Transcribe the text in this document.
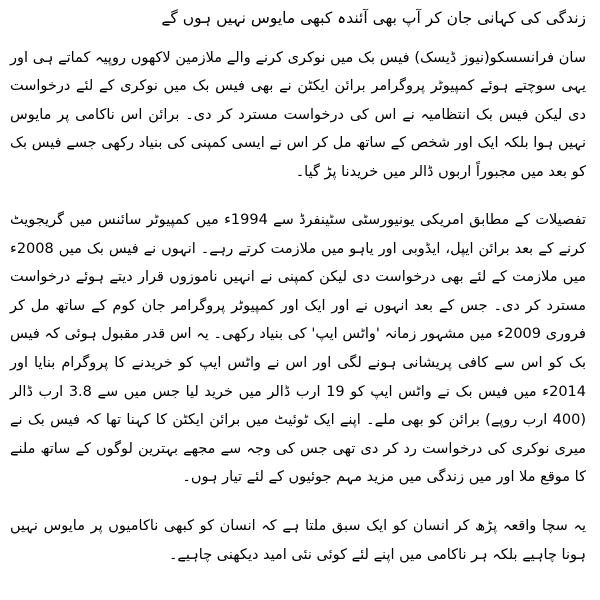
زندگی کی کہانی جان کر آپ بھی آئندہ کبھی مایوس نہیں ہوں گے

سان فرانسسکو(نیوز ڈیسک) فیس بک میں نوکری کرنے والے ملازمین لاکھوں روپیہ کماتے ہی اور یہی سوچتے ہوئے کمپیوٹر پروگرامر برائن ایکٹن نے بھی فیس بک میں نوکری کے لئے درخواست دی لیکن فیس بک انتظامیہ نے اس کی درخواست مسترد کر دی۔ برائن اس ناکامی پر مایوس نہیں ہوا بلکہ ایک اور شخص کے ساتھ مل کر اس نے ایسی کمپنی کی بنیاد رکھی جسے فیس بک کو بعد میں مجبوراً اربوں ڈالر میں خریدنا پڑ گیا۔

تفصیلات کے مطابق امریکی یونیورسٹی سٹینفرڈ سے 1994ء میں کمپیوٹر سائنس میں گریجویٹ کرنے کے بعد برائن ایپل، ایڈوبی اور یاہو میں ملازمت کرتے رہے۔ انہوں نے فیس بک میں 2008ء میں ملازمت کے لئے بھی درخواست دی لیکن کمپنی نے انہیں ناموزوں قرار دیتے ہوئے درخواست مسترد کر دی۔ جس کے بعد انہوں نے اور ایک اور کمپیوٹر پروگرامر جان کوم کے ساتھ مل کر فروری 2009ء میں مشہور زمانہ 'واٹس ایپ' کی بنیاد رکھی۔ یہ اس قدر مقبول ہوئی کہ فیس بک کو اس سے کافی پریشانی ہونے لگی اور اس نے واٹس ایپ کو خریدنے کا پروگرام بنایا اور 2014ء میں فیس بک نے واٹس ایپ کو 19 ارب ڈالر میں خرید لیا جس میں سے 3.8 ارب ڈالر (400 ارب روپے) برائن کو بھی ملے۔ اپنے ایک ٹوئیٹ میں برائن ایکٹن کا کہنا تھا کہ فیس بک نے میری نوکری کی درخواست رد کر دی تھی جس کی وجہ سے مجھے بہترین لوگوں کے ساتھ ملنے کا موقع ملا اور میں زندگی میں مزید مہم جوئیوں کے لئے تیار ہوں۔

یہ سچا واقعہ پڑھ کر انسان کو ایک سبق ملتا ہے کہ انسان کو کبھی ناکامیوں پر مایوس نہیں ہونا چاہیے بلکہ ہر ناکامی میں اپنے لئے کوئی نئی امید دیکھنی چاہیے۔
